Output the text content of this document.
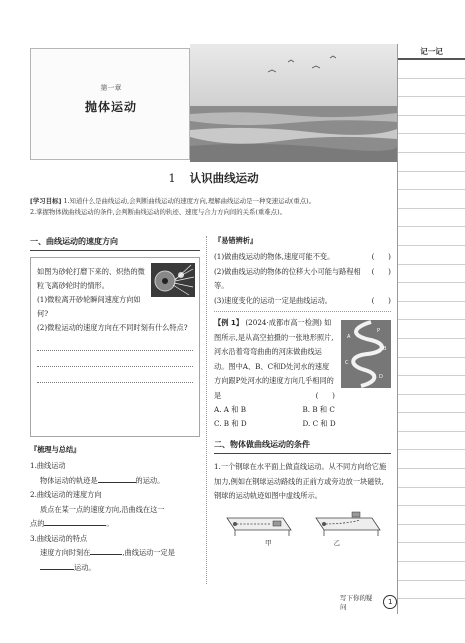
记一记
第一章
抛体运动
1 认识曲线运动
[学习目标] 1.知道什么是曲线运动,会判断曲线运动的速度方向,理解曲线运动是一种变速运动(重点)。
2.掌握物体做曲线运动的条件,会判断曲线运动的轨迹、速度与合力方向间的关系(重难点)。
一、曲线运动的速度方向

如图为砂轮打磨下来的、炽热的微粒飞离砂轮时的情形。

(1)微粒离开砂轮瞬间速度方向如何?

(2)微粒运动的速度方向在不同时刻有什么特点?

『梳理与总结』
1.曲线运动
物体运动的轨迹是	的运动。
2.曲线运动的速度方向
质点在某一点的速度方向,沿曲线在这一
点的	。
3.曲线运动的特点
速度方向时刻在	,曲线运动一定是
运动。
『易错辨析』
(1)做曲线运动的物体,速度可能不变。	(      )
(2)做曲线运动的物体的位移大小可能与路程相等。
(      )
(3)速度变化的运动一定是曲线运动。	(      )
P
A
B
C
D
【例 1】 (2024·成都市高一检测) 如图所示,是从高空拍摄的一张地形照片,河水沿着弯弯曲曲的河床做曲线运动。图中A、B、C和D处河水的速度方向跟P处河水的速度方向几乎相同的是	(      )
A. A 和 B	B. B 和 C
C. B 和 D	D. C 和 D
二、物体做曲线运动的条件
1.一个钢球在水平面上做直线运动。从不同方向给它施加力,例如在钢球运动路线的正前方或旁边放一块磁铁,钢球的运动轨迹如图中虚线所示。
甲	乙
写下你的疑问
1
